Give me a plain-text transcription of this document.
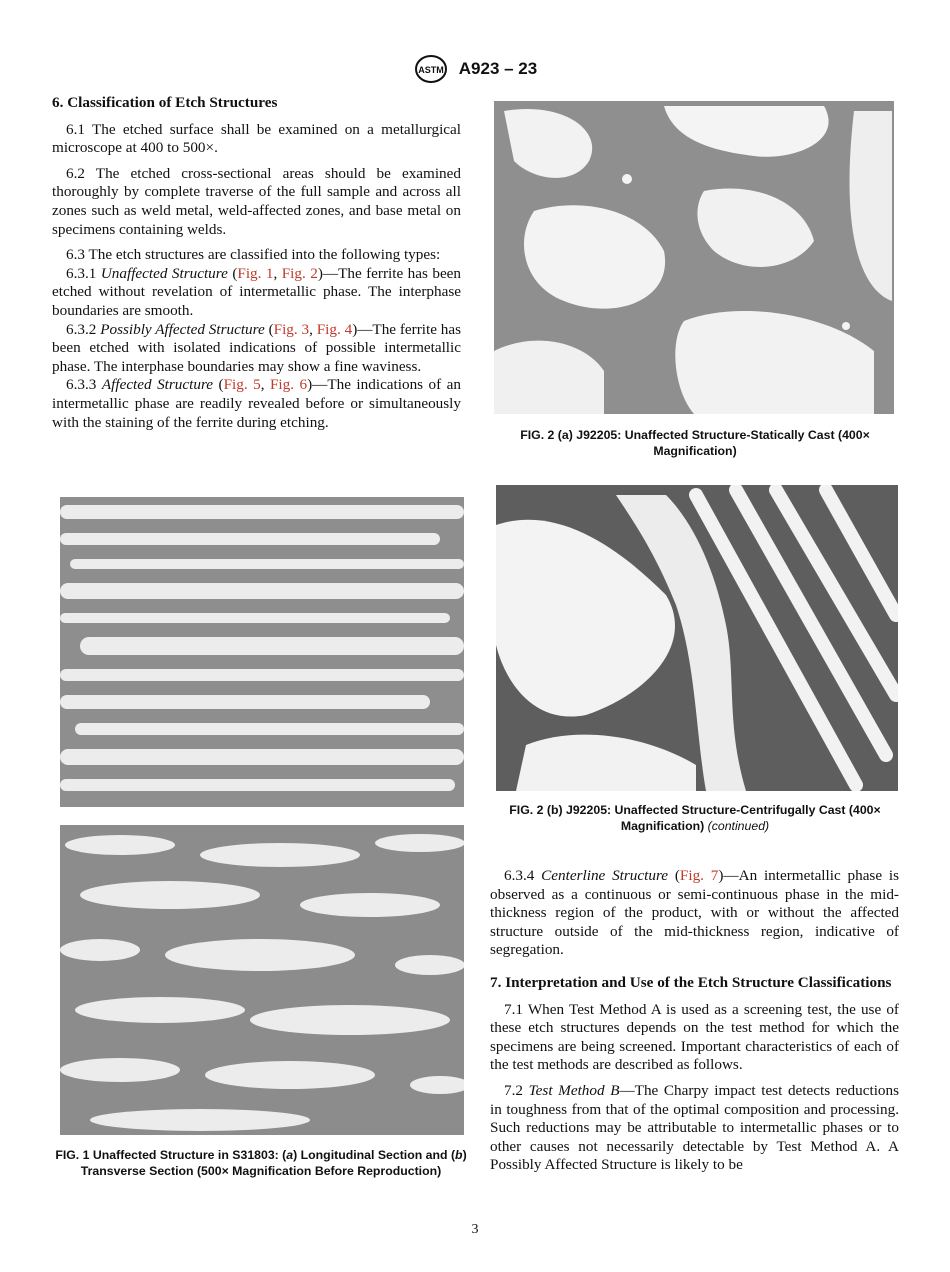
ASTM A923 – 23
6. Classification of Etch Structures

6.1 The etched surface shall be examined on a metallurgical microscope at 400 to 500×.

6.2 The etched cross-sectional areas should be examined thoroughly by complete traverse of the full sample and across all zones such as weld metal, weld-affected zones, and base metal on specimens containing welds.

6.3 The etch structures are classified into the following types:

6.3.1 Unaffected Structure (Fig. 1, Fig. 2)—The ferrite has been etched without revelation of intermetallic phase. The interphase boundaries are smooth.

6.3.2 Possibly Affected Structure (Fig. 3, Fig. 4)—The ferrite has been etched with isolated indications of possible intermetallic phase. The interphase boundaries may show a fine waviness.

6.3.3 Affected Structure (Fig. 5, Fig. 6)—The indications of an intermetallic phase are readily revealed before or simultaneously with the staining of the ferrite during etching.

FIG. 2 (a) J92205: Unaffected Structure-Statically Cast (400× Magnification)
FIG. 2 (b) J92205: Unaffected Structure-Centrifugally Cast (400× Magnification) (continued)
FIG. 1 Unaffected Structure in S31803: (a) Longitudinal Section and (b) Transverse Section (500× Magnification Before Reproduction)

6.3.4 Centerline Structure (Fig. 7)—An intermetallic phase is observed as a continuous or semi-continuous phase in the mid-thickness region of the product, with or without the affected structure outside of the mid-thickness region, indicative of segregation.

7. Interpretation and Use of the Etch Structure Classifications

7.1 When Test Method A is used as a screening test, the use of these etch structures depends on the test method for which the specimens are being screened. Important characteristics of each of the test methods are described as follows.

7.2 Test Method B—The Charpy impact test detects reductions in toughness from that of the optimal composition and processing. Such reductions may be attributable to intermetallic phases or to other causes not necessarily detectable by Test Method A. A Possibly Affected Structure is likely to be

3
